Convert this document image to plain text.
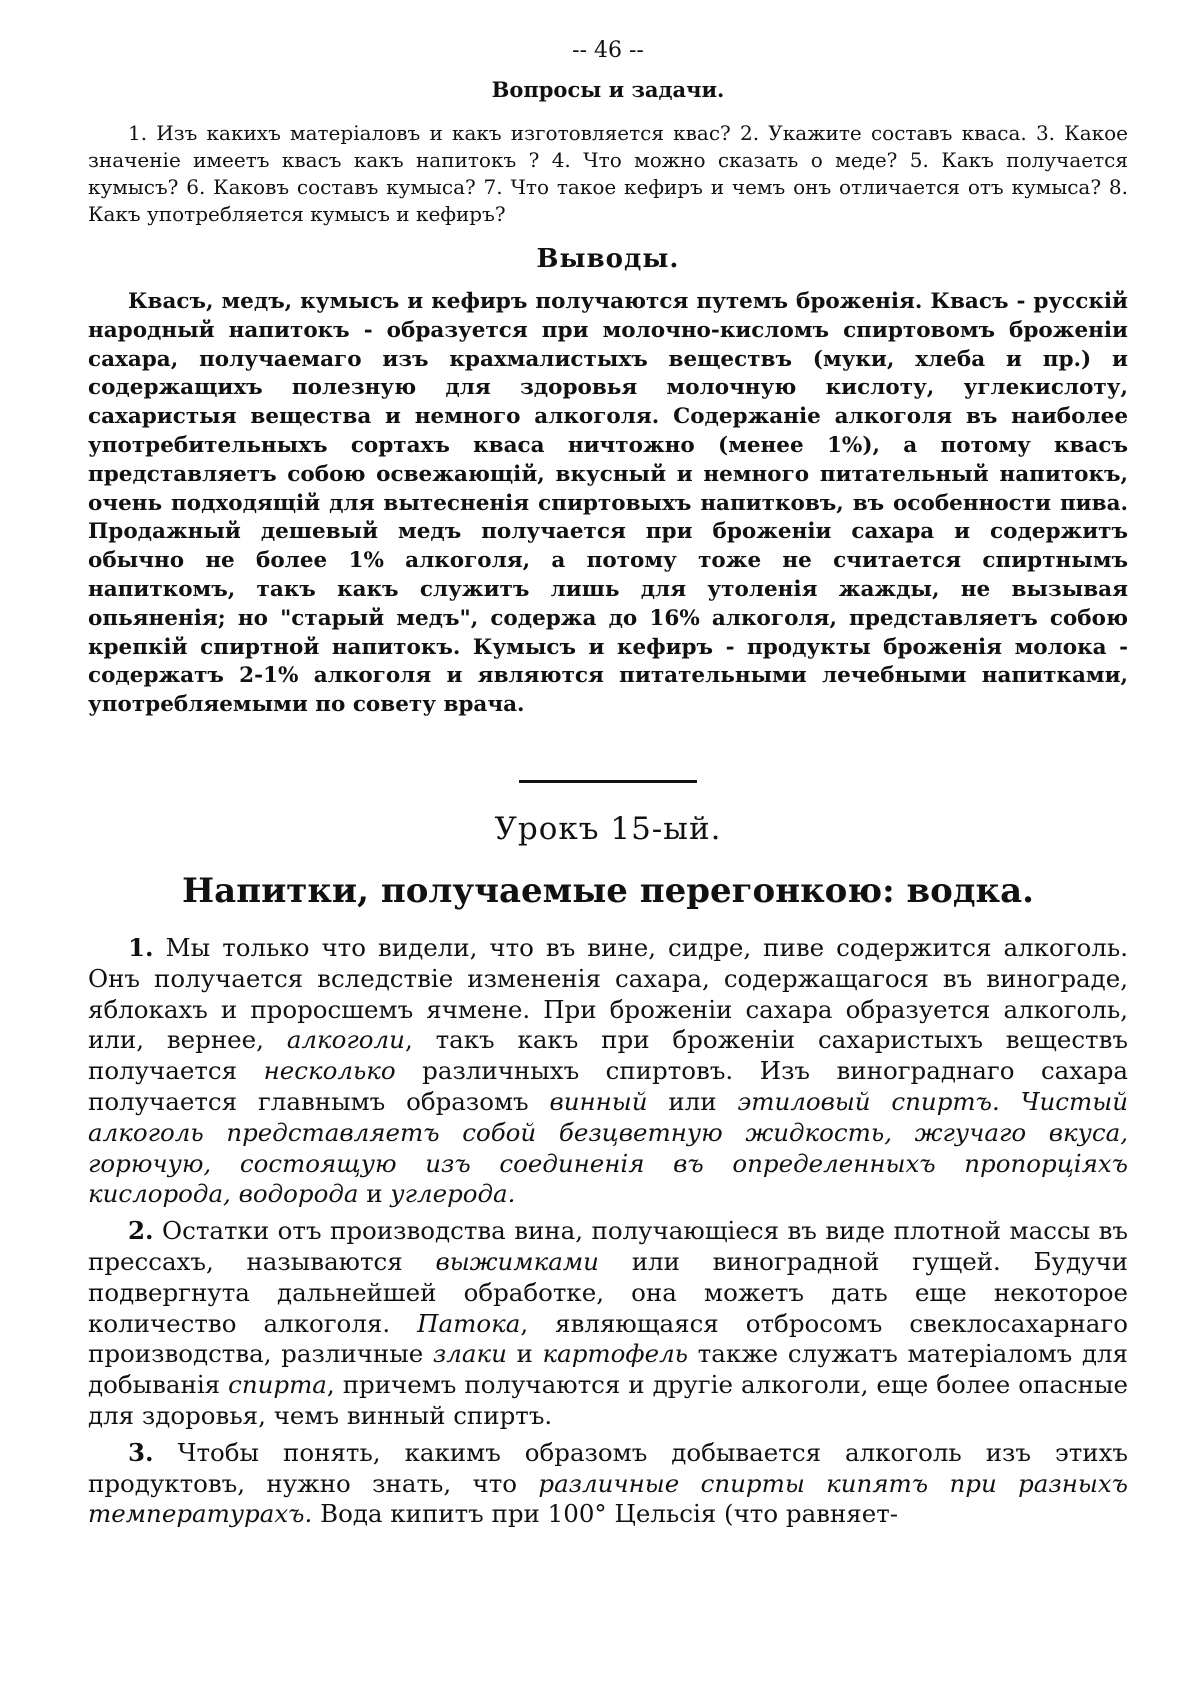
-- 46 --
Вопросы и задачи.

1. Изъ какихъ матеріаловъ и какъ изготовляется квас? 2. Укажите составъ кваса. 3. Какое значеніе имеетъ квасъ какъ напитокъ ? 4. Что можно сказать о меде? 5. Какъ получается кумысъ? 6. Каковъ составъ кумыса? 7. Что такое кефиръ и чемъ онъ отличается отъ кумыса? 8. Какъ употребляется кумысъ и кефиръ?

Выводы.

Квасъ, медъ, кумысъ и кефиръ получаются путемъ броженія. Квасъ - русскій народный напитокъ - образуется при молочно-кисломъ спиртовомъ броженіи сахара, получаемаго изъ крахмалистыхъ веществъ (муки, хлеба и пр.) и содержащихъ полезную для здоровья молочную кислоту, углекислоту, сахаристыя вещества и немного алкоголя. Содержаніе алкоголя въ наиболее употребительныхъ сортахъ кваса ничтожно (менее 1%), а потому квасъ представляетъ собою освежающій, вкусный и немного питательный напитокъ, очень подходящій для вытесненія спиртовыхъ напитковъ, въ особенности пива. Продажный дешевый медъ получается при броженіи сахара и содержитъ обычно не более 1% алкоголя, а потому тоже не считается спиртнымъ напиткомъ, такъ какъ служитъ лишь для утоленія жажды, не вызывая опьяненія; но "старый медъ", содержа до 16% алкоголя, представляетъ собою крепкій спиртной напитокъ. Кумысъ и кефиръ - продукты броженія молока - содержатъ 2-1% алкоголя и являются питательными лечебными напитками, употребляемыми по совету врача.

Урокъ 15-ый.
Напитки, получаемые перегонкою: водка.

1. Мы только что видели, что въ вине, сидре, пиве содержится алкоголь. Онъ получается вследствіе измененія сахара, содержащагося въ винограде, яблокахъ и проросшемъ ячмене. При броженіи сахара образуется алкоголь, или, вернее, алкоголи, такъ какъ при броженіи сахаристыхъ веществъ получается несколько различныхъ спиртовъ. Изъ винограднаго сахара получается главнымъ образомъ винный или этиловый спиртъ. Чистый алкоголь представляетъ собой безцветную жидкость, жгучаго вкуса, горючую, состоящую изъ соединенія въ определенныхъ пропорціяхъ кислорода, водорода и углерода.

2. Остатки отъ производства вина, получающіеся въ виде плотной массы въ прессахъ, называются выжимками или виноградной гущей. Будучи подвергнута дальнейшей обработке, она можетъ дать еще некоторое количество алкоголя. Патока, являющаяся отбросомъ свеклосахарнаго производства, различные злаки и картофель также служатъ матеріаломъ для добыванія спирта, причемъ получаются и другіе алкоголи, еще более опасные для здоровья, чемъ винный спиртъ.

3. Чтобы понять, какимъ образомъ добывается алкоголь изъ этихъ продуктовъ, нужно знать, что различные спирты кипятъ при разныхъ температурахъ. Вода кипитъ при 100° Цельсія (что равняет-
